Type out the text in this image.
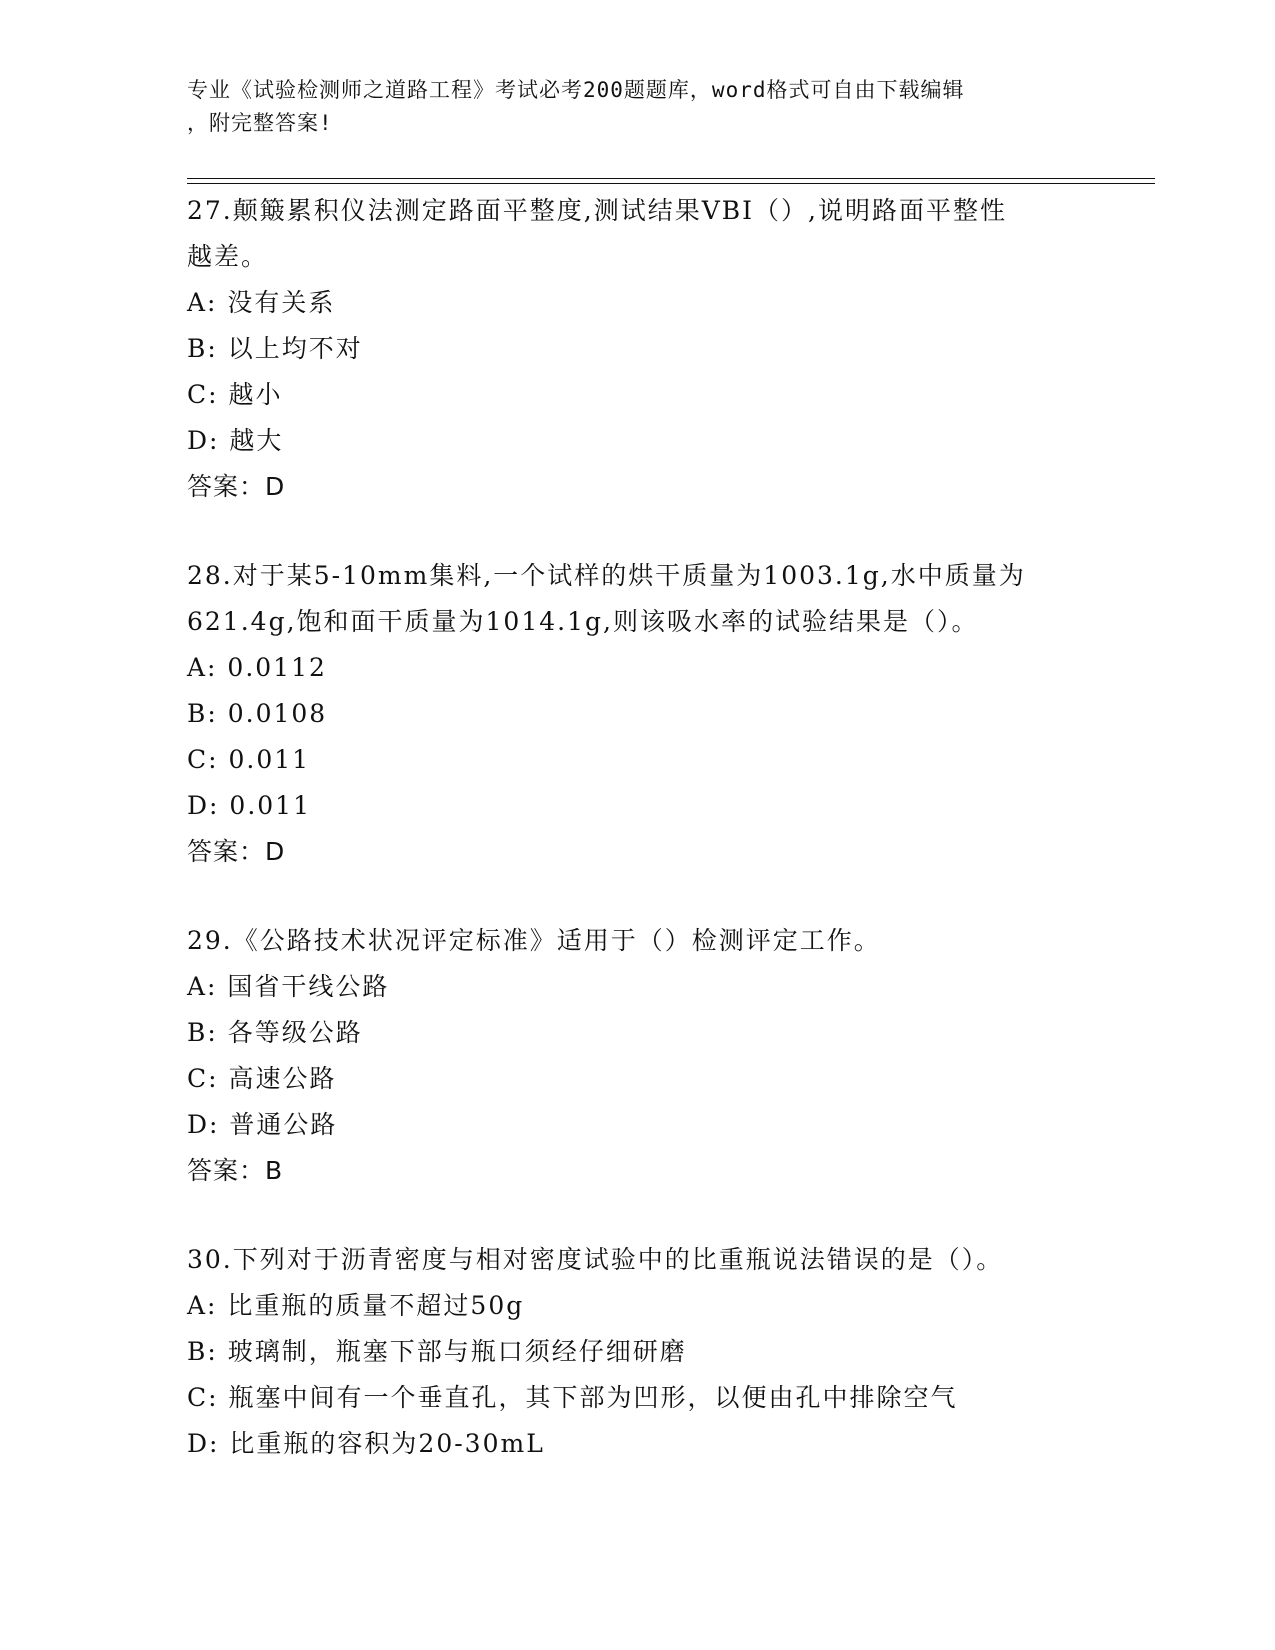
专业《试验检测师之道路工程》考试必考200题题库，word格式可自由下载编辑
，附完整答案!
27.颠簸累积仪法测定路面平整度,测试结果VBI（）,说明路面平整性
越差。
A: 没有关系
B: 以上均不对
C: 越小
D: 越大
答案：D
28.对于某5-10mm集料,一个试样的烘干质量为1003.1g,水中质量为
621.4g,饱和面干质量为1014.1g,则该吸水率的试验结果是（）。
A: 0.0112
B: 0.0108
C: 0.011
D: 0.011
答案：D
29.《公路技术状况评定标准》适用于（）检测评定工作。
A: 国省干线公路
B: 各等级公路
C: 高速公路
D: 普通公路
答案：B
30.下列对于沥青密度与相对密度试验中的比重瓶说法错误的是（）。
A: 比重瓶的质量不超过50g
B: 玻璃制，瓶塞下部与瓶口须经仔细研磨
C: 瓶塞中间有一个垂直孔，其下部为凹形，以便由孔中排除空气
D: 比重瓶的容积为20-30mL
